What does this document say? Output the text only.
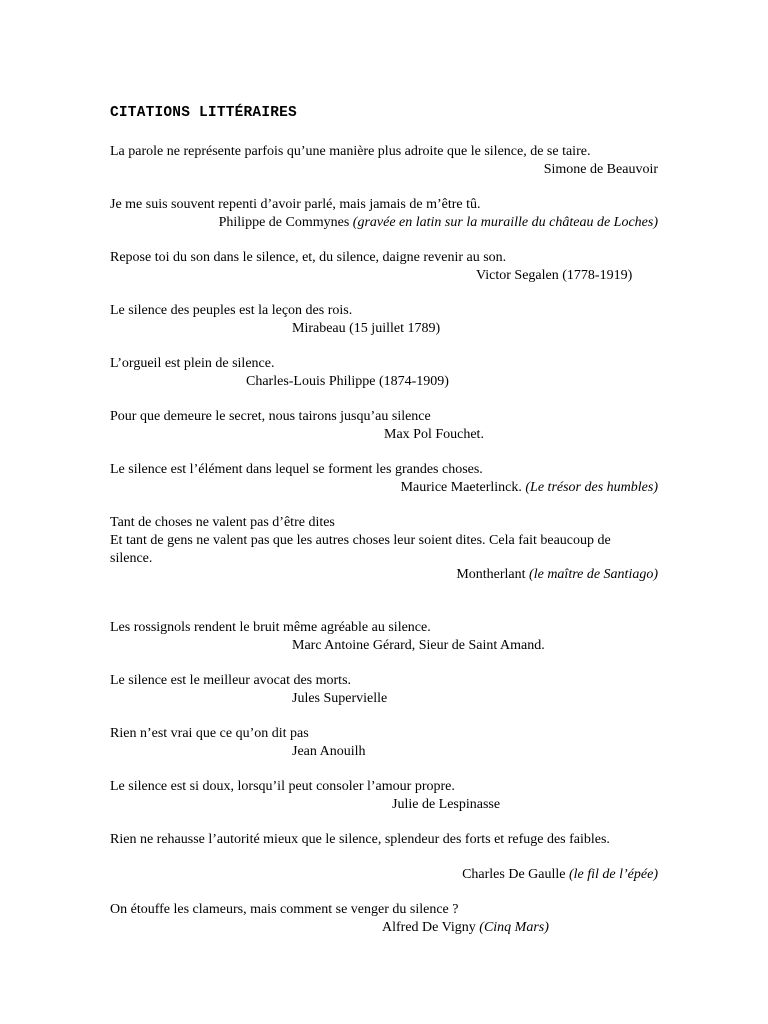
CITATIONS LITTÉRAIRES
La parole ne représente parfois qu’une manière plus adroite que le silence, de se taire.
Simone de Beauvoir
Je me suis souvent repenti d’avoir parlé, mais jamais de m’être tû.
Philippe de Commynes (gravée en latin sur la muraille du château de Loches)
Repose toi du son dans le silence, et, du silence, daigne revenir au son.
Victor Segalen (1778-1919)
Le silence des peuples est la leçon des rois.
Mirabeau (15 juillet 1789)
L’orgueil est plein de silence.
Charles-Louis Philippe (1874-1909)
Pour que demeure le secret, nous tairons jusqu’au silence
Max Pol Fouchet.
Le silence est l’élément dans lequel se forment les grandes choses.
Maurice Maeterlinck. (Le trésor des humbles)
Tant de choses ne valent pas d’être dites
Et tant de gens ne valent pas que les autres choses leur soient dites. Cela fait beaucoup de silence.
Montherlant (le maître de Santiago)
Les rossignols rendent le bruit même agréable au silence.
Marc Antoine Gérard, Sieur de Saint Amand.
Le silence est le meilleur avocat des morts.
Jules Supervielle
Rien n’est vrai que ce qu’on dit pas
Jean Anouilh
Le silence est si doux, lorsqu’il peut consoler l’amour propre.
Julie de Lespinasse
Rien ne rehausse l’autorité mieux que le silence, splendeur des forts et refuge des faibles.
Charles De Gaulle (le fil de l’épée)
On étouffe les clameurs, mais comment se venger du silence ?
Alfred De Vigny (Cinq Mars)
